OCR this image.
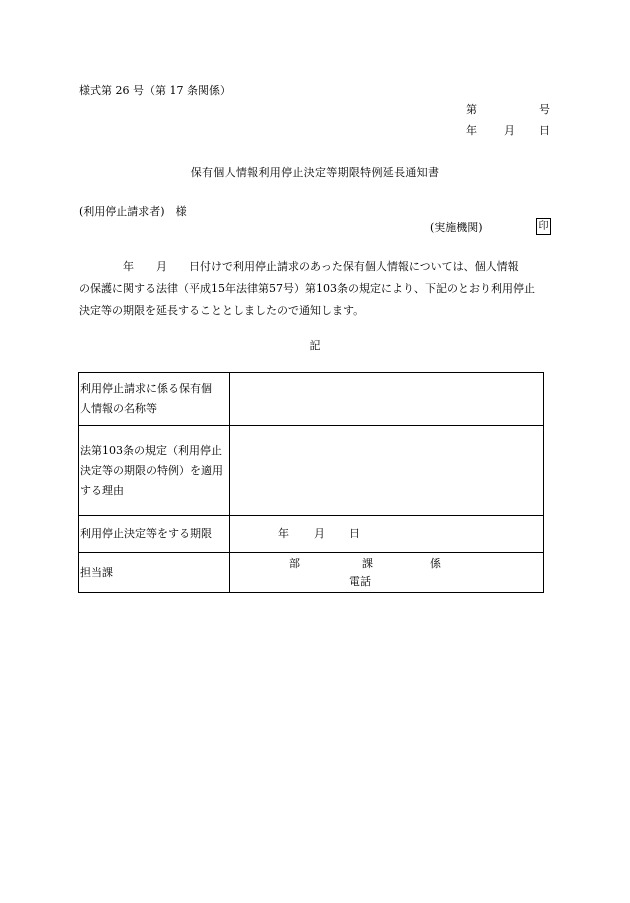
様式第 26 号（第 17 条関係）
第	号
年 月 日
保有個人情報利用停止決定等期限特例延長通知書
(利用停止請求者)　様
(実施機関)	印

　　　　年　　月　　日付けで利用停止請求のあった保有個人情報については、個人情報

の保護に関する法律（平成15年法律第57号）第103条の規定により、下記のとおり利用停止

決定等の期限を延長することとしましたので通知します。

記
利用停止請求に係る保有個
人情報の名称等	

法第103条の規定（利用停止
決定等の期限の特例）を適用
する理由	

利用停止決定等をする期限	年 月 日

担当課	部 課 係
電話
